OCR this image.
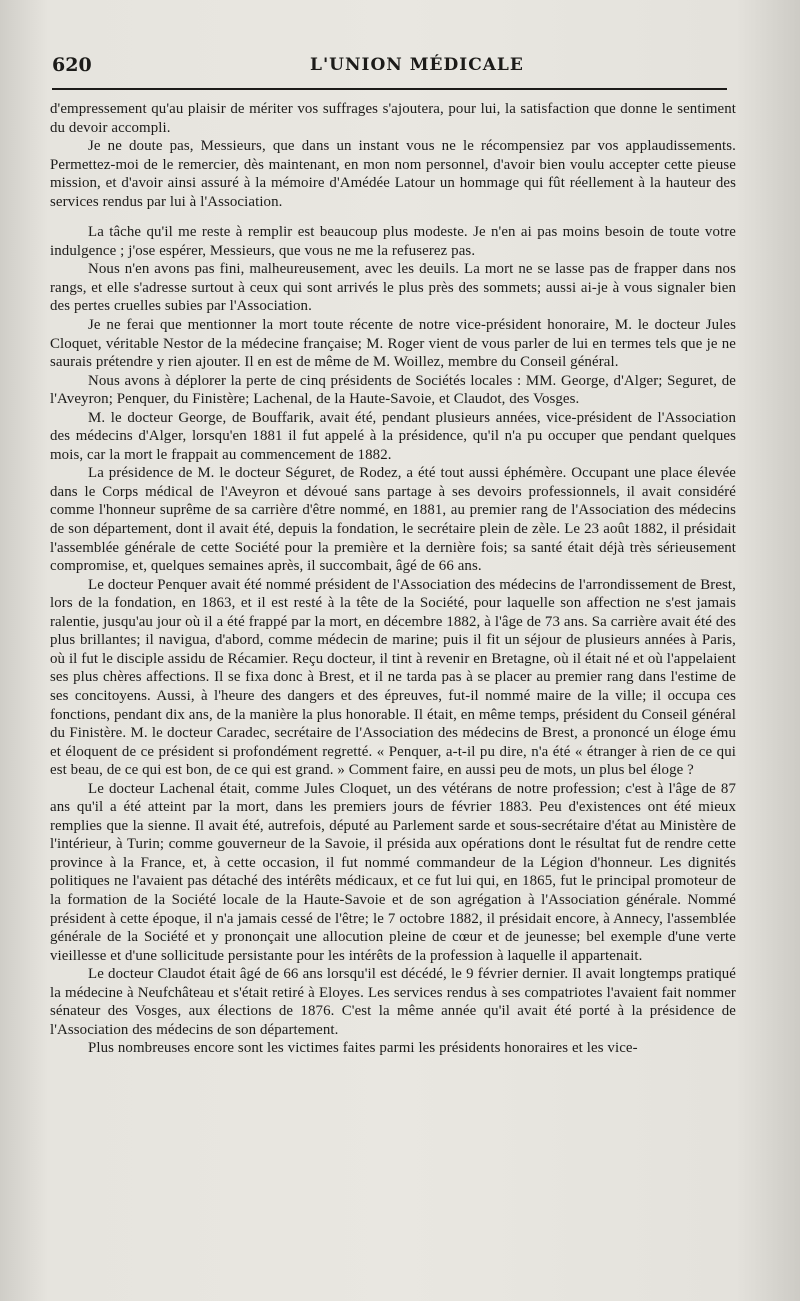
620	L'UNION MÉDICALE

d'empressement qu'au plaisir de mériter vos suffrages s'ajoutera, pour lui, la satisfaction que donne le sentiment du devoir accompli.

Je ne doute pas, Messieurs, que dans un instant vous ne le récompensiez par vos applaudissements. Permettez-moi de le remercier, dès maintenant, en mon nom personnel, d'avoir bien voulu accepter cette pieuse mission, et d'avoir ainsi assuré à la mémoire d'Amédée Latour un hommage qui fût réellement à la hauteur des services rendus par lui à l'Association.

La tâche qu'il me reste à remplir est beaucoup plus modeste. Je n'en ai pas moins besoin de toute votre indulgence ; j'ose espérer, Messieurs, que vous ne me la refuserez pas.

Nous n'en avons pas fini, malheureusement, avec les deuils. La mort ne se lasse pas de frapper dans nos rangs, et elle s'adresse surtout à ceux qui sont arrivés le plus près des sommets; aussi ai-je à vous signaler bien des pertes cruelles subies par l'Association.

Je ne ferai que mentionner la mort toute récente de notre vice-président honoraire, M. le docteur Jules Cloquet, véritable Nestor de la médecine française; M. Roger vient de vous parler de lui en termes tels que je ne saurais prétendre y rien ajouter. Il en est de même de M. Woillez, membre du Conseil général.

Nous avons à déplorer la perte de cinq présidents de Sociétés locales : MM. George, d'Alger; Seguret, de l'Aveyron; Penquer, du Finistère; Lachenal, de la Haute-Savoie, et Claudot, des Vosges.

M. le docteur George, de Bouffarik, avait été, pendant plusieurs années, vice-président de l'Association des médecins d'Alger, lorsqu'en 1881 il fut appelé à la présidence, qu'il n'a pu occuper que pendant quelques mois, car la mort le frappait au commencement de 1882.

La présidence de M. le docteur Séguret, de Rodez, a été tout aussi éphémère. Occupant une place élevée dans le Corps médical de l'Aveyron et dévoué sans partage à ses devoirs professionnels, il avait considéré comme l'honneur suprême de sa carrière d'être nommé, en 1881, au premier rang de l'Association des médecins de son département, dont il avait été, depuis la fondation, le secrétaire plein de zèle. Le 23 août 1882, il présidait l'assemblée générale de cette Société pour la première et la dernière fois; sa santé était déjà très sérieusement compromise, et, quelques semaines après, il succombait, âgé de 66 ans.

Le docteur Penquer avait été nommé président de l'Association des médecins de l'arrondissement de Brest, lors de la fondation, en 1863, et il est resté à la tête de la Société, pour laquelle son affection ne s'est jamais ralentie, jusqu'au jour où il a été frappé par la mort, en décembre 1882, à l'âge de 73 ans. Sa carrière avait été des plus brillantes; il navigua, d'abord, comme médecin de marine; puis il fit un séjour de plusieurs années à Paris, où il fut le disciple assidu de Récamier. Reçu docteur, il tint à revenir en Bretagne, où il était né et où l'appelaient ses plus chères affections. Il se fixa donc à Brest, et il ne tarda pas à se placer au premier rang dans l'estime de ses concitoyens. Aussi, à l'heure des dangers et des épreuves, fut-il nommé maire de la ville; il occupa ces fonctions, pendant dix ans, de la manière la plus honorable. Il était, en même temps, président du Conseil général du Finistère. M. le docteur Caradec, secrétaire de l'Association des médecins de Brest, a prononcé un éloge ému et éloquent de ce président si profondément regretté. « Penquer, a-t-il pu dire, n'a été « étranger à rien de ce qui est beau, de ce qui est bon, de ce qui est grand. » Comment faire, en aussi peu de mots, un plus bel éloge ?

Le docteur Lachenal était, comme Jules Cloquet, un des vétérans de notre profession; c'est à l'âge de 87 ans qu'il a été atteint par la mort, dans les premiers jours de février 1883. Peu d'existences ont été mieux remplies que la sienne. Il avait été, autrefois, député au Parlement sarde et sous-secrétaire d'état au Ministère de l'intérieur, à Turin; comme gouverneur de la Savoie, il présida aux opérations dont le résultat fut de rendre cette province à la France, et, à cette occasion, il fut nommé commandeur de la Légion d'honneur. Les dignités politiques ne l'avaient pas détaché des intérêts médicaux, et ce fut lui qui, en 1865, fut le principal promoteur de la formation de la Société locale de la Haute-Savoie et de son agrégation à l'Association générale. Nommé président à cette époque, il n'a jamais cessé de l'être; le 7 octobre 1882, il présidait encore, à Annecy, l'assemblée générale de la Société et y prononçait une allocution pleine de cœur et de jeunesse; bel exemple d'une verte vieillesse et d'une sollicitude persistante pour les intérêts de la profession à laquelle il appartenait.

Le docteur Claudot était âgé de 66 ans lorsqu'il est décédé, le 9 février dernier. Il avait longtemps pratiqué la médecine à Neufchâteau et s'était retiré à Eloyes. Les services rendus à ses compatriotes l'avaient fait nommer sénateur des Vosges, aux élections de 1876. C'est la même année qu'il avait été porté à la présidence de l'Association des médecins de son département.

Plus nombreuses encore sont les victimes faites parmi les présidents honoraires et les vice-
